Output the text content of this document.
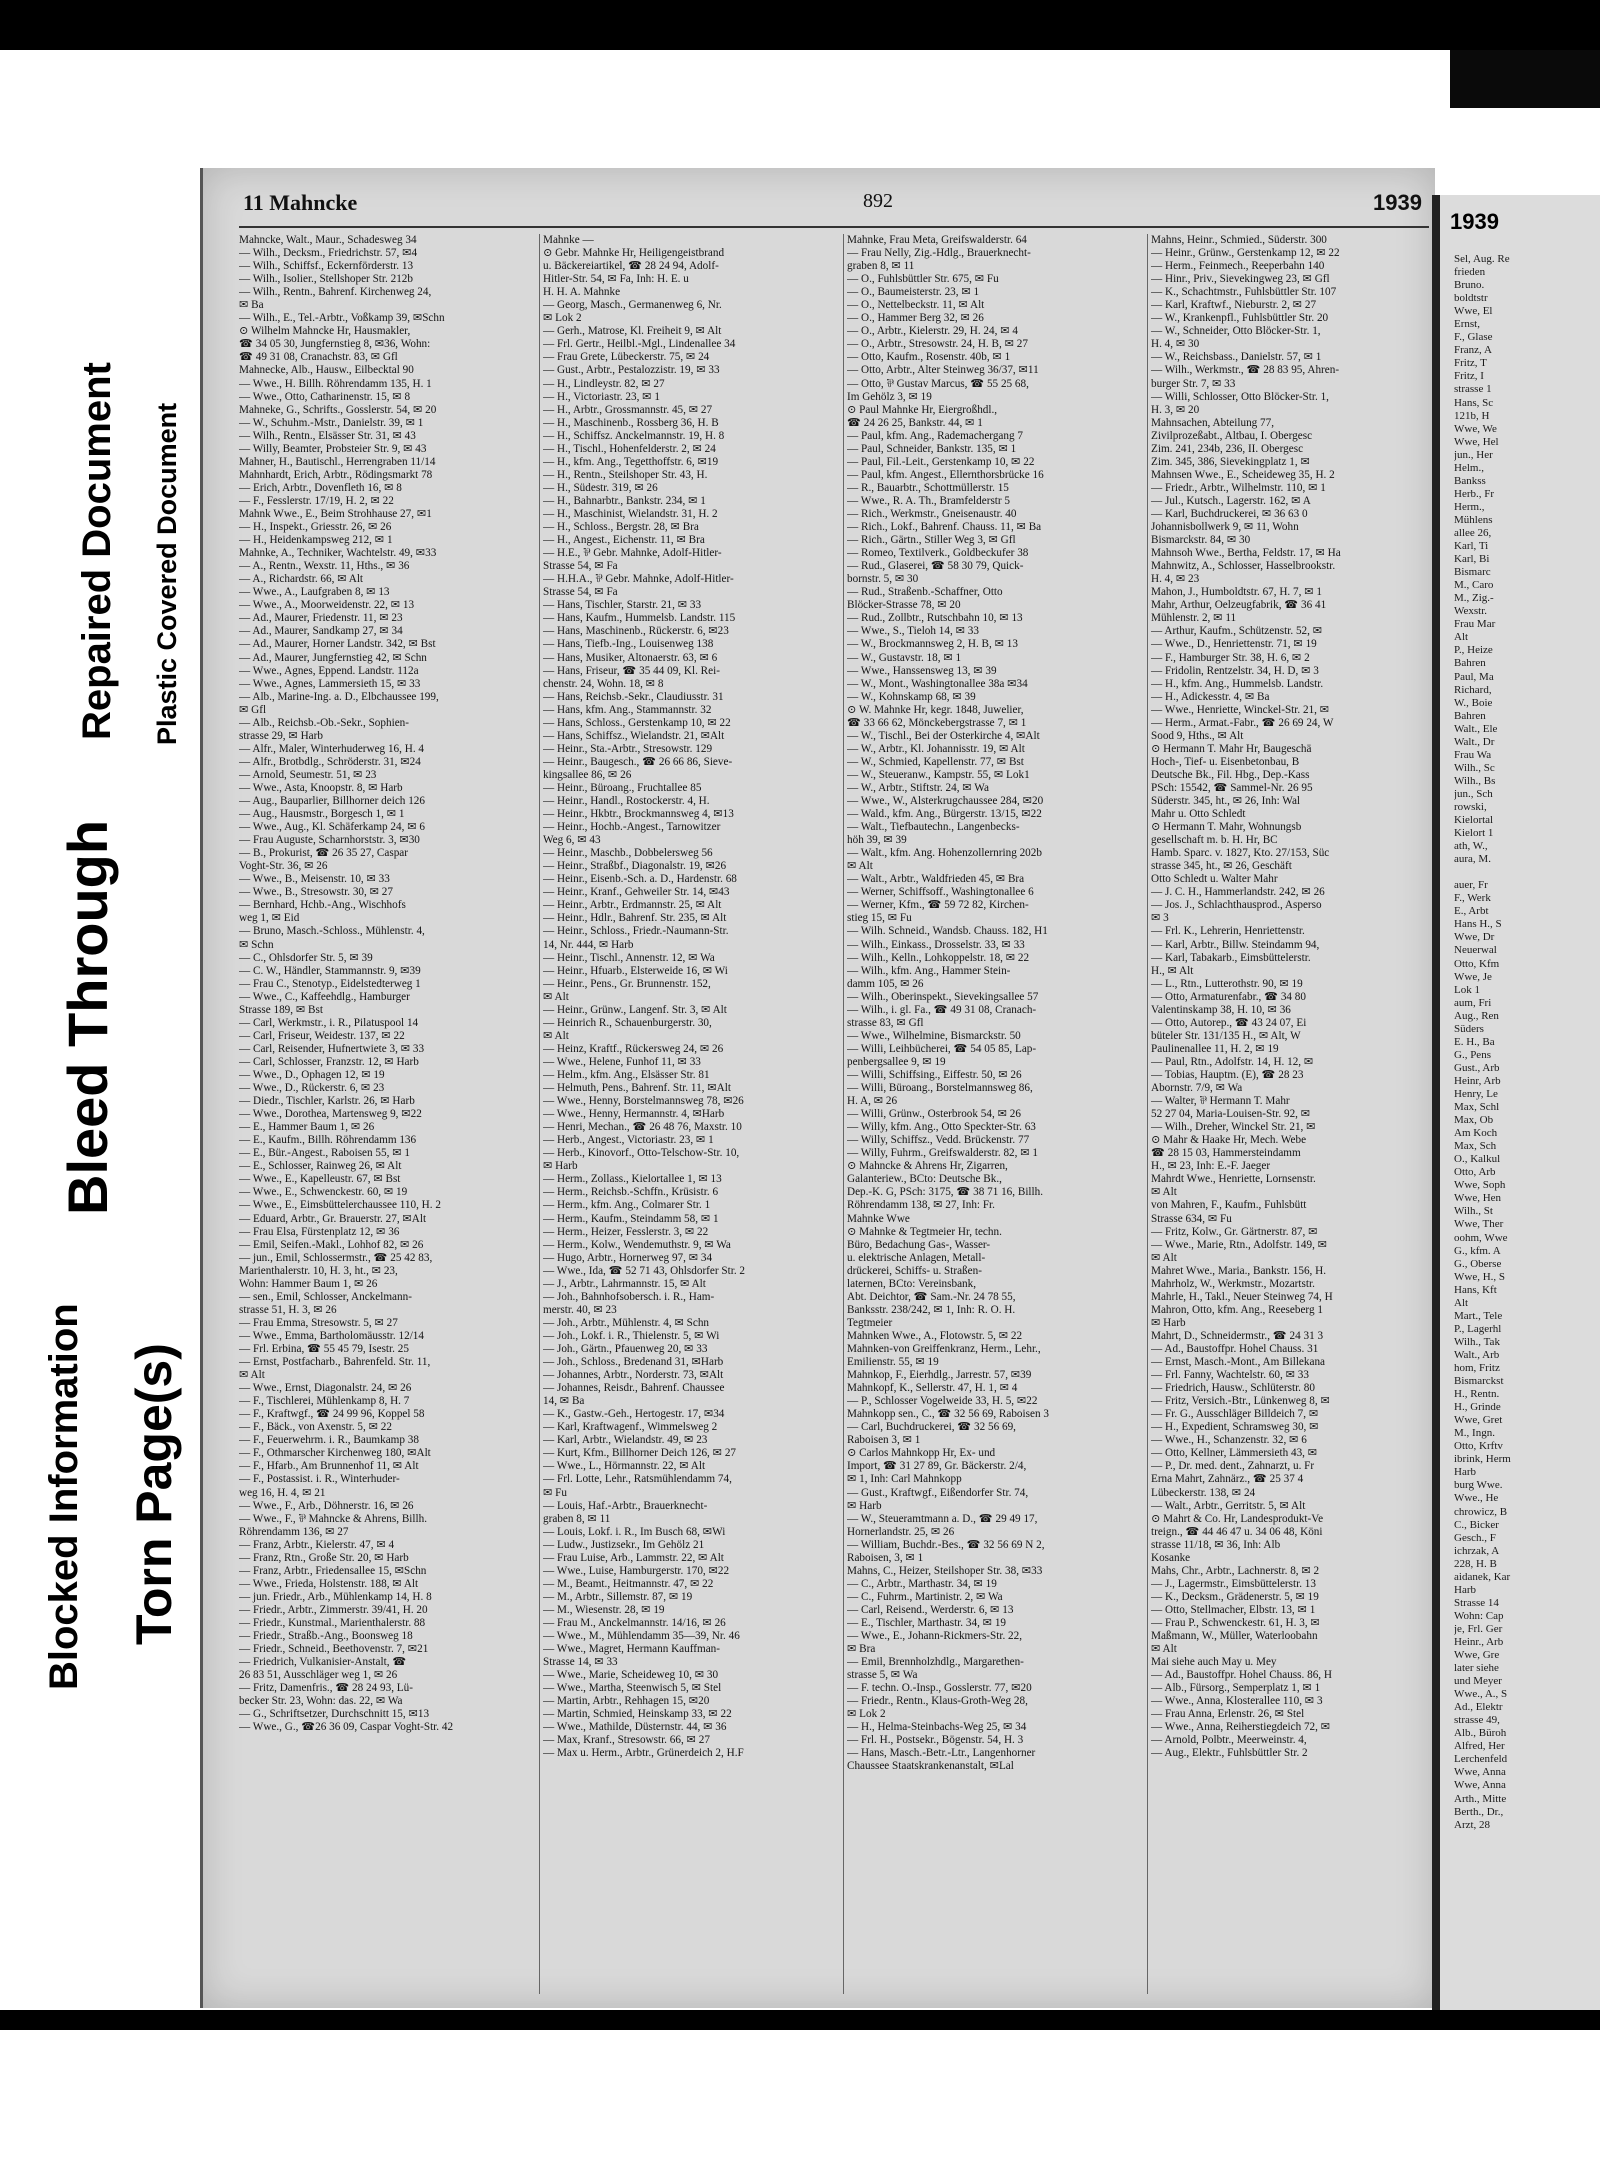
Torn Page(s)
Blocked Information
Bleed Through
Repaired Document Plastic Covered Document
11 Mahncke	892	1939
Mahncke, Walt., Maur., Schadesweg 34
— Wilh., Decksm., Friedrichstr. 57, ✉4
— Wilh., Schiffsf., Eckernförderstr. 13
— Wilh., Isolier., Stellshoper Str. 212b
— Wilh., Rentn., Bahrenf. Kirchenweg 24,
✉ Ba
— Wilh., E., Tel.-Arbtr., Voßkamp 39, ✉Schn
⊙ Wilhelm Mahncke Hr, Hausmakler,
☎ 34 05 30, Jungfernstieg 8, ✉36, Wohn:
☎ 49 31 08, Cranachstr. 83, ✉ Gfl
Mahnecke, Alb., Hausw., Eilbecktal 90
— Wwe., H. Billh. Röhrendamm 135, H. 1
— Wwe., Otto, Catharinenstr. 15, ✉ 8
Mahneke, G., Schrifts., Gosslerstr. 54, ✉ 20
— W., Schuhm.-Mstr., Danielstr. 39, ✉ 1
— Wilh., Rentn., Elsässer Str. 31, ✉ 43
— Willy, Beamter, Probsteier Str. 9, ✉ 43
Mahner, H., Bautischl., Herrengraben 11/14
Mahnhardt, Erich, Arbtr., Rödingsmarkt 78
— Erich, Arbtr., Dovenfleth 16, ✉ 8
— F., Fesslerstr. 17/19, H. 2, ✉ 22
Mahnk Wwe., E., Beim Strohhause 27, ✉1
— H., Inspekt., Griesstr. 26, ✉ 26
— H., Heidenkampsweg 212, ✉ 1
Mahnke, A., Techniker, Wachtelstr. 49, ✉33
— A., Rentn., Wexstr. 11, Hths., ✉ 36
— A., Richardstr. 66, ✉ Alt
— Wwe., A., Laufgraben 8, ✉ 13
— Wwe., A., Moorweidenstr. 22, ✉ 13
— Ad., Maurer, Friedenstr. 11, ✉ 23
— Ad., Maurer, Sandkamp 27, ✉ 34
— Ad., Maurer, Horner Landstr. 342, ✉ Bst
— Ad., Maurer, Jungfernstieg 42, ✉ Schn
— Wwe., Agnes, Eppend. Landstr. 112a
— Wwe., Agnes, Lammersieth 15, ✉ 33
— Alb., Marine-Ing. a. D., Elbchaussee 199,
✉ Gfl
— Alb., Reichsb.-Ob.-Sekr., Sophien-
strasse 29, ✉ Harb
— Alfr., Maler, Winterhuderweg 16, H. 4
— Alfr., Brotbdlg., Schröderstr. 31, ✉24
— Arnold, Seumestr. 51, ✉ 23
— Wwe., Asta, Knoopstr. 8, ✉ Harb
— Aug., Bauparlier, Billhorner deich 126
— Aug., Hausmstr., Borgesch 1, ✉ 1
— Wwe., Aug., Kl. Schäferkamp 24, ✉ 6
— Frau Auguste, Scharnhorststr. 3, ✉30
— B., Prokurist, ☎ 26 35 27, Caspar
Voght-Str. 36, ✉ 26
— Wwe., B., Meisenstr. 10, ✉ 33
— Wwe., B., Stresowstr. 30, ✉ 27
— Bernhard, Hchb.-Ang., Wischhofs
weg 1, ✉ Eid
— Bruno, Masch.-Schloss., Mühlenstr. 4,
✉ Schn
— C., Ohlsdorfer Str. 5, ✉ 39
— C. W., Händler, Stammannstr. 9, ✉39
— Frau C., Stenotyp., Eidelstedterweg 1
— Wwe., C., Kaffeehdlg., Hamburger
Strasse 189, ✉ Bst
— Carl, Werkmstr., i. R., Pilatuspool 14
— Carl, Friseur, Weidestr. 137, ✉ 22
— Carl, Reisender, Hufnertwiete 3, ✉ 33
— Carl, Schlosser, Franzstr. 12, ✉ Harb
— Wwe., D., Ophagen 12, ✉ 19
— Wwe., D., Rückerstr. 6, ✉ 23
— Diedr., Tischler, Karlstr. 26, ✉ Harb
— Wwe., Dorothea, Martensweg 9, ✉22
— E., Hammer Baum 1, ✉ 26
— E., Kaufm., Billh. Röhrendamm 136
— E., Bür.-Angest., Raboisen 55, ✉ 1
— E., Schlosser, Rainweg 26, ✉ Alt
— Wwe., E., Kapelleustr. 67, ✉ Bst
— Wwe., E., Schwenckestr. 60, ✉ 19
— Wwe., E., Eimsbüttelerchaussee 110, H. 2
— Eduard, Arbtr., Gr. Brauerstr. 27, ✉Alt
— Frau Elsa, Fürstenplatz 12, ✉ 36
— Emil, Seifen.-Makl., Lohhof 82, ✉ 26
— jun., Emil, Schlossermstr., ☎ 25 42 83,
Marienthalerstr. 10, H. 3, ht., ✉ 23,
Wohn: Hammer Baum 1, ✉ 26
— sen., Emil, Schlosser, Anckelmann-
strasse 51, H. 3, ✉ 26
— Frau Emma, Stresowstr. 5, ✉ 27
— Wwe., Emma, Bartholomäusstr. 12/14
— Frl. Erbina, ☎ 55 45 79, Isestr. 25
— Ernst, Postfacharb., Bahrenfeld. Str. 11,
✉ Alt
— Wwe., Ernst, Diagonalstr. 24, ✉ 26
— F., Tischlerei, Mühlenkamp 8, H. 7
— F., Kraftwgf., ☎ 24 99 96, Koppel 58
— F., Bäck., von Axenstr. 5, ✉ 22
— F., Feuerwehrm. i. R., Baumkamp 38
— F., Othmarscher Kirchenweg 180, ✉Alt
— F., Hfarb., Am Brunnenhof 11, ✉ Alt
— F., Postassist. i. R., Winterhuder-
weg 16, H. 4, ✉ 21
— Wwe., F., Arb., Döhnerstr. 16, ✉ 26
— Wwe., F., ⅌ Mahncke & Ahrens, Billh.
Röhrendamm 136, ✉ 27
— Franz, Arbtr., Kielerstr. 47, ✉ 4
— Franz, Rtn., Große Str. 20, ✉ Harb
— Franz, Arbtr., Friedensallee 15, ✉Schn
— Wwe., Frieda, Holstenstr. 188, ✉ Alt
— jun. Friedr., Arb., Mühlenkamp 14, H. 8
— Friedr., Arbtr., Zimmerstr. 39/41, H. 20
— Friedr., Kunstmal., Marienthalerstr. 88
— Friedr., Straßb.-Ang., Boonsweg 18
— Friedr., Schneid., Beethovenstr. 7, ✉21
— Friedrich, Vulkanisier-Anstalt, ☎
26 83 51, Ausschläger weg 1, ✉ 26
— Fritz, Damenfris., ☎ 28 24 93, Lü-
becker Str. 23, Wohn: das. 22, ✉ Wa
— G., Schriftsetzer, Durchschnitt 15, ✉13
— Wwe., G., ☎26 36 09, Caspar Voght-Str. 42
Mahnke —
⊙ Gebr. Mahnke Hr, Heiligengeistbrand
u. Bäckereiartikel, ☎ 28 24 94, Adolf-
Hitler-Str. 54, ✉ Fa, Inh: H. E. u
H. H. A. Mahnke
— Georg, Masch., Germanenweg 6, Nr.
✉ Lok 2
— Gerh., Matrose, Kl. Freiheit 9, ✉ Alt
— Frl. Gertr., Heilbl.-Mgl., Lindenallee 34
— Frau Grete, Lübeckerstr. 75, ✉ 24
— Gust., Arbtr., Pestalozzistr. 19, ✉ 33
— H., Lindleystr. 82, ✉ 27
— H., Victoriastr. 23, ✉ 1
— H., Arbtr., Grossmannstr. 45, ✉ 27
— H., Maschinenb., Rossberg 36, H. B
— H., Schiffsz. Anckelmannstr. 19, H. 8
— H., Tischl., Hohenfelderstr. 2, ✉ 24
— H., kfm. Ang., Tegetthoffstr. 6, ✉19
— H., Rentn., Steilshoper Str. 43, H.
— H., Südestr. 319, ✉ 26
— H., Bahnarbtr., Bankstr. 234, ✉ 1
— H., Maschinist, Wielandstr. 31, H. 2
— H., Schloss., Bergstr. 28, ✉ Bra
— H., Angest., Eichenstr. 11, ✉ Bra
— H.E., ⅌ Gebr. Mahnke, Adolf-Hitler-
Strasse 54, ✉ Fa
— H.H.A., ⅌ Gebr. Mahnke, Adolf-Hitler-
Strasse 54, ✉ Fa
— Hans, Tischler, Starstr. 21, ✉ 33
— Hans, Kaufm., Hummelsb. Landstr. 115
— Hans, Maschinenb., Rückerstr. 6, ✉23
— Hans, Tiefb.-Ing., Louisenweg 138
— Hans, Musiker, Altonaerstr. 63, ✉ 6
— Hans, Friseur, ☎ 35 44 09, Kl. Rei-
chenstr. 24, Wohn. 18, ✉ 8
— Hans, Reichsb.-Sekr., Claudiusstr. 31
— Hans, kfm. Ang., Stammannstr. 32
— Hans, Schloss., Gerstenkamp 10, ✉ 22
— Hans, Schiffsz., Wielandstr. 21, ✉Alt
— Heinr., Sta.-Arbtr., Stresowstr. 129
— Heinr., Baugesch., ☎ 26 66 86, Sieve-
kingsallee 86, ✉ 26
— Heinr., Büroang., Fruchtallee 85
— Heinr., Handl., Rostockerstr. 4, H.
— Heinr., Hkbtr., Brockmannsweg 4, ✉13
— Heinr., Hochb.-Angest., Tarnowitzer
Weg 6, ✉ 43
— Heinr., Maschb., Dobbelersweg 56
— Heinr., Straßbf., Diagonalstr. 19, ✉26
— Heinr., Eisenb.-Sch. a. D., Hardenstr. 68
— Heinr., Kranf., Gehweiler Str. 14, ✉43
— Heinr., Arbtr., Erdmannstr. 25, ✉ Alt
— Heinr., Hdlr., Bahrenf. Str. 235, ✉ Alt
— Heinr., Schloss., Friedr.-Naumann-Str.
14, Nr. 444, ✉ Harb
— Heinr., Tischl., Annenstr. 12, ✉ Wa
— Heinr., Hfuarb., Elsterweide 16, ✉ Wi
— Heinr., Pens., Gr. Brunnenstr. 152,
✉ Alt
— Heinr., Grünw., Langenf. Str. 3, ✉ Alt
— Heinrich R., Schauenburgerstr. 30,
✉ Alt
— Heinz, Kraftf., Rückersweg 24, ✉ 26
— Wwe., Helene, Funhof 11, ✉ 33
— Helm., kfm. Ang., Elsässer Str. 81
— Helmuth, Pens., Bahrenf. Str. 11, ✉Alt
— Wwe., Henny, Borstelmannsweg 78, ✉26
— Wwe., Henny, Hermannstr. 4, ✉Harb
— Henri, Mechan., ☎ 26 48 76, Maxstr. 10
— Herb., Angest., Victoriastr. 23, ✉ 1
— Herb., Kinovorf., Otto-Telschow-Str. 10,
✉ Harb
— Herm., Zollass., Kielortallee 1, ✉ 13
— Herm., Reichsb.-Schffn., Krüsistr. 6
— Herm., kfm. Ang., Colmarer Str. 1
— Herm., Kaufm., Steindamm 58, ✉ 1
— Herm., Heizer, Fesslerstr. 3, ✉ 22
— Herm., Kolw., Wendemuthstr. 9, ✉ Wa
— Hugo, Arbtr., Hornerweg 97, ✉ 34
— Wwe., Ida, ☎ 52 71 43, Ohlsdorfer Str. 2
— J., Arbtr., Lahrmannstr. 15, ✉ Alt
— Joh., Bahnhofsobersch. i. R., Ham-
merstr. 40, ✉ 23
— Joh., Arbtr., Mühlenstr. 4, ✉ Schn
— Joh., Lokf. i. R., Thielenstr. 5, ✉ Wi
— Joh., Gärtn., Pfauenweg 20, ✉ 33
— Joh., Schloss., Bredenand 31, ✉Harb
— Johannes, Arbtr., Norderstr. 73, ✉Alt
— Johannes, Reisdr., Bahrenf. Chaussee
14, ✉ Ba
— K., Gastw.-Geh., Hertogestr. 17, ✉34
— Karl, Kraftwagenf., Wimmelsweg 2
— Karl, Arbtr., Wielandstr. 49, ✉ 23
— Kurt, Kfm., Billhorner Deich 126, ✉ 27
— Wwe., L., Hörmannstr. 22, ✉ Alt
— Frl. Lotte, Lehr., Ratsmühlendamm 74,
✉ Fu
— Louis, Haf.-Arbtr., Brauerknecht-
graben 8, ✉ 11
— Louis, Lokf. i. R., Im Busch 68, ✉Wi
— Ludw., Justizsekr., Im Gehölz 21
— Frau Luise, Arb., Lammstr. 22, ✉ Alt
— Wwe., Luise, Hamburgerstr. 170, ✉22
— M., Beamt., Heitmannstr. 47, ✉ 22
— M., Arbtr., Sillemstr. 87, ✉ 19
— M., Wiesenstr. 28, ✉ 19
— Frau M., Anckelmannstr. 14/16, ✉ 26
— Wwe., M., Mühlendamm 35—39, Nr. 46
— Wwe., Magret, Hermann Kauffman-
Strasse 14, ✉ 33
— Wwe., Marie, Scheideweg 10, ✉ 30
— Wwe., Martha, Steenwisch 5, ✉ Stel
— Martin, Arbtr., Rehhagen 15, ✉20
— Martin, Schmied, Heinskamp 33, ✉ 22
— Wwe., Mathilde, Düsternstr. 44, ✉ 36
— Max, Kranf., Stresowstr. 66, ✉ 27
— Max u. Herm., Arbtr., Grünerdeich 2, H.F
Mahnke, Frau Meta, Greifswalderstr. 64
— Frau Nelly, Zig.-Hdlg., Brauerknecht-
graben 8, ✉ 11
— O., Fuhlsbüttler Str. 675, ✉ Fu
— O., Baumeisterstr. 23, ✉ 1
— O., Nettelbeckstr. 11, ✉ Alt
— O., Hammer Berg 32, ✉ 26
— O., Arbtr., Kielerstr. 29, H. 24, ✉ 4
— O., Arbtr., Stresowstr. 24, H. B, ✉ 27
— Otto, Kaufm., Rosenstr. 40b, ✉ 1
— Otto, Arbtr., Alter Steinweg 36/37, ✉11
— Otto, ⅌ Gustav Marcus, ☎ 55 25 68,
Im Gehölz 3, ✉ 19
⊙ Paul Mahnke Hr, Eiergroßhdl.,
☎ 24 26 25, Bankstr. 44, ✉ 1
— Paul, kfm. Ang., Rademachergang 7
— Paul, Schneider, Bankstr. 135, ✉ 1
— Paul, Fil.-Leit., Gerstenkamp 10, ✉ 22
— Paul, kfm. Angest., Ellernthorsbrücke 16
— R., Bauarbtr., Schottmüllerstr. 15
— Wwe., R. A. Th., Bramfelderstr 5
— Rich., Werkmstr., Gneisenaustr. 40
— Rich., Lokf., Bahrenf. Chauss. 11, ✉ Ba
— Rich., Gärtn., Stiller Weg 3, ✉ Gfl
— Romeo, Textilverk., Goldbeckufer 38
— Rud., Glaserei, ☎ 58 30 79, Quick-
bornstr. 5, ✉ 30
— Rud., Straßenb.-Schaffner, Otto
Blöcker-Strasse 78, ✉ 20
— Rud., Zollbtr., Rutschbahn 10, ✉ 13
— Wwe., S., Tieloh 14, ✉ 33
— W., Brockmannsweg 2, H. B, ✉ 13
— W., Gustavstr. 18, ✉ 1
— Wwe., Hanssensweg 13, ✉ 39
— W., Mont., Washingtonallee 38a ✉34
— W., Kohnskamp 68, ✉ 39
⊙ W. Mahnke Hr, kegr. 1848, Juwelier,
☎ 33 66 62, Mönckebergstrasse 7, ✉ 1
— W., Tischl., Bei der Osterkirche 4, ✉Alt
— W., Arbtr., Kl. Johannisstr. 19, ✉ Alt
— W., Schmied, Kapellenstr. 77, ✉ Bst
— W., Steueranw., Kampstr. 55, ✉ Lok1
— W., Arbtr., Stiftstr. 24, ✉ Wa
— Wwe., W., Alsterkrugchaussee 284, ✉20
— Wald., kfm. Ang., Bürgerstr. 13/15, ✉22
— Walt., Tiefbautechn., Langenbecks-
höh 39, ✉ 39
— Walt., kfm. Ang. Hohenzollernring 202b
✉ Alt
— Walt., Arbtr., Waldfrieden 45, ✉ Bra
— Werner, Schiffsoff., Washingtonallee 6
— Werner, Kfm., ☎ 59 72 82, Kirchen-
stieg 15, ✉ Fu
— Wilh. Schneid., Wandsb. Chauss. 182, H1
— Wilh., Einkass., Drosselstr. 33, ✉ 33
— Wilh., Kelln., Lohkoppelstr. 18, ✉ 22
— Wilh., kfm. Ang., Hammer Stein-
damm 105, ✉ 26
— Wilh., Oberinspekt., Sievekingsallee 57
— Wilh., i. gl. Fa., ☎ 49 31 08, Cranach-
strasse 83, ✉ Gfl
— Wwe., Wilhelmine, Bismarckstr. 50
— Willi, Leihbücherei, ☎ 54 05 85, Lap-
penbergsallee 9, ✉ 19
— Willi, Schiffsing., Eiffestr. 50, ✉ 26
— Willi, Büroang., Borstelmannsweg 86,
H. A, ✉ 26
— Willi, Grünw., Osterbrook 54, ✉ 26
— Willy, kfm. Ang., Otto Speckter-Str. 63
— Willy, Schiffsz., Vedd. Brückenstr. 77
— Willy, Fuhrm., Greifswalderstr. 82, ✉ 1
⊙ Mahncke & Ahrens Hr, Zigarren,
Galanteriew., BCto: Deutsche Bk.,
Dep.-K. G, PSch: 3175, ☎ 38 71 16, Billh.
Röhrendamm 138, ✉ 27, Inh: Fr.
Mahnke Wwe
⊙ Mahnke & Tegtmeier Hr, techn.
Büro, Bedachung Gas-, Wasser-
u. elektrische Anlagen, Metall-
drückerei, Schiffs- u. Straßen-
laternen, BCto: Vereinsbank,
Abt. Deichtor, ☎ Sam.-Nr. 24 78 55,
Banksstr. 238/242, ✉ 1, Inh: R. O. H.
Tegtmeier
Mahnken Wwe., A., Flotowstr. 5, ✉ 22
Mahnken-von Greiffenkranz, Herm., Lehr.,
Emilienstr. 55, ✉ 19
Mahnkop, F., Eierhdlg., Jarrestr. 57, ✉39
Mahnkopf, K., Sellerstr. 47, H. 1, ✉ 4
— P., Schlosser Vogelweide 33, H. 5, ✉22
Mahnkopp sen., C., ☎ 32 56 69, Raboisen 3
— Carl, Buchdruckerei, ☎ 32 56 69,
Raboisen 3, ✉ 1
⊙ Carlos Mahnkopp Hr, Ex- und
Import, ☎ 31 27 89, Gr. Bäckerstr. 2/4,
✉ 1, Inh: Carl Mahnkopp
— Gust., Kraftwgf., Eißendorfer Str. 74,
✉ Harb
— W., Steueramtmann a. D., ☎ 29 49 17,
Hornerlandstr. 25, ✉ 26
— William, Buchdr.-Bes., ☎ 32 56 69 N 2,
Raboisen, 3, ✉ 1
Mahns, C., Heizer, Steilshoper Str. 38, ✉33
— C., Arbtr., Marthastr. 34, ✉ 19
— C., Fuhrm., Martinistr. 2, ✉ Wa
— Carl, Reisend., Werderstr. 6, ✉ 13
— E., Tischler, Marthastr. 34, ✉ 19
— Wwe., E., Johann-Rickmers-Str. 22,
✉ Bra
— Emil, Brennholzhdlg., Margarethen-
strasse 5, ✉ Wa
— F. techn. O.-Insp., Gosslerstr. 77, ✉20
— Friedr., Rentn., Klaus-Groth-Weg 28,
✉ Lok 2
— H., Helma-Steinbachs-Weg 25, ✉ 34
— Frl. H., Postsekr., Bögenstr. 54, H. 3
— Hans, Masch.-Betr.-Ltr., Langenhorner
Chaussee Staatskrankenanstalt, ✉Lal
Mahns, Heinr., Schmied., Süderstr. 300
— Heinr., Grünw., Gerstenkamp 12, ✉ 22
— Herm., Feinmech., Reeperbahn 140
— Hinr., Priv., Sievekingweg 23, ✉ Gfl
— K., Schachtmstr., Fuhlsbüttler Str. 107
— Karl, Kraftwf., Nieburstr. 2, ✉ 27
— W., Krankenpfl., Fuhlsbüttler Str. 20
— W., Schneider, Otto Blöcker-Str. 1,
H. 4, ✉ 30
— W., Reichsbass., Danielstr. 57, ✉ 1
— Wilh., Werkmstr., ☎ 28 83 95, Ahren-
burger Str. 7, ✉ 33
— Willi, Schlosser, Otto Blöcker-Str. 1,
H. 3, ✉ 20
Mahnsachen, Abteilung 77,
Zivilprozeßabt., Altbau, I. Obergesc
Zim. 241, 234b, 236, II. Obergesc
Zim. 345, 386, Sievekingplatz 1, ✉
Mahnsen Wwe., E., Scheideweg 35, H. 2
— Friedr., Arbtr., Wilhelmstr. 110, ✉ 1
— Jul., Kutsch., Lagerstr. 162, ✉ A
— Karl, Buchdruckerei, ✉ 36 63 0
Johannisbollwerk 9, ✉ 11, Wohn
Bismarckstr. 84, ✉ 30
Mahnsoh Wwe., Bertha, Feldstr. 17, ✉ Ha
Mahnwitz, A., Schlosser, Hasselbrookstr.
H. 4, ✉ 23
Mahon, J., Humboldtstr. 67, H. 7, ✉ 1
Mahr, Arthur, Oelzeugfabrik, ☎ 36 41
Mühlenstr. 2, ✉ 11
— Arthur, Kaufm., Schützenstr. 52, ✉
— Wwe., D., Henriettenstr. 71, ✉ 19
— F., Hamburger Str. 38, H. 6, ✉ 2
— Fridolin, Rentzelstr. 34, H. D, ✉ 3
— H., kfm. Ang., Hummelsb. Landstr.
— H., Adickesstr. 4, ✉ Ba
— Wwe., Henriette, Winckel-Str. 21, ✉
— Herm., Armat.-Fabr., ☎ 26 69 24, W
Sood 9, Hths., ✉ Alt
⊙ Hermann T. Mahr Hr, Baugeschä
Hoch-, Tief- u. Eisenbetonbau, B
Deutsche Bk., Fil. Hbg., Dep.-Kass
PSch: 15542, ☎ Sammel-Nr. 26 95
Süderstr. 345, ht., ✉ 26, Inh: Wal
Mahr u. Otto Schledt
⊙ Hermann T. Mahr, Wohnungsb
gesellschaft m. b. H. Hr, BC
Hamb. Sparc. v. 1827, Kto. 27/153, Süc
strasse 345, ht., ✉ 26, Geschäft
Otto Schledt u. Walter Mahr
— J. C. H., Hammerlandstr. 242, ✉ 26
— Jos. J., Schlachthausprod., Asperso
✉ 3
— Frl. K., Lehrerin, Henriettenstr.
— Karl, Arbtr., Billw. Steindamm 94,
— Karl, Tabakarb., Eimsbüttelerstr.
H., ✉ Alt
— L., Rtn., Lutterothstr. 90, ✉ 19
— Otto, Armaturenfabr., ☎ 34 80
Valentinskamp 38, H. 10, ✉ 36
— Otto, Autorep., ☎ 43 24 07, Ei
büteler Str. 131/135 H., ✉ Alt, W
Paulinenallee 11, H. 2, ✉ 19
— Paul, Rtn., Adolfstr. 14, H. 12, ✉
— Tobias, Hauptm. (E), ☎ 28 23
Abornstr. 7/9, ✉ Wa
— Walter, ⅌ Hermann T. Mahr
52 27 04, Maria-Louisen-Str. 92, ✉
— Wilh., Dreher, Winckel Str. 21, ✉
⊙ Mahr & Haake Hr, Mech. Webe
☎ 28 15 03, Hammersteindamm
H., ✉ 23, Inh: E.-F. Jaeger
Mahrdt Wwe., Henriette, Lornsenstr.
✉ Alt
von Mahren, F., Kaufm., Fuhlsbütt
Strasse 634, ✉ Fu
— Fritz, Kolw., Gr. Gärtnerstr. 87, ✉
— Wwe., Marie, Rtn., Adolfstr. 149, ✉
✉ Alt
Mahret Wwe., Maria., Bankstr. 156, H.
Mahrholz, W., Werkmstr., Mozartstr.
Mahrle, H., Takl., Neuer Steinweg 74, H
Mahron, Otto, kfm. Ang., Reeseberg 1
✉ Harb
Mahrt, D., Schneidermstr., ☎ 24 31 3
— Ad., Baustoffpr. Hohel Chauss. 31
— Ernst, Masch.-Mont., Am Billekana
— Frl. Fanny, Wachtelstr. 60, ✉ 33
— Friedrich, Hausw., Schlüterstr. 80
— Fritz, Versich.-Btr., Lünkenweg 8, ✉
— Fr. G., Ausschläger Billdeich 7, ✉
— H., Expedient, Schramsweg 30, ✉
— Wwe., H., Schanzenstr. 32, ✉ 6
— Otto, Kellner, Lämmersieth 43, ✉
— P., Dr. med. dent., Zahnarzt, u. Fr
Erna Mahrt, Zahnärz., ☎ 25 37 4
Lübeckerstr. 138, ✉ 24
— Walt., Arbtr., Gerritstr. 5, ✉ Alt
⊙ Mahrt & Co. Hr, Landesprodukt-Ve
treign., ☎ 44 46 47 u. 34 06 48, Köni
strasse 11/18, ✉ 36, Inh: Alb
Kosanke
Mahs, Chr., Arbtr., Lachnerstr. 8, ✉ 2
— J., Lagermstr., Eimsbüttelerstr. 13
— K., Decksm., Grädenerstr. 5, ✉ 19
— Otto, Stellmacher, Elbstr. 13, ✉ 1
— Frau P., Schwenckestr. 61, H. 3, ✉
Maßmann, W., Müller, Waterloobahn
✉ Alt
Mai siehe auch May u. Mey
— Ad., Baustoffpr. Hohel Chauss. 86, H
— Alb., Fürsorg., Semperplatz 1, ✉ 1
— Wwe., Anna, Klosterallee 110, ✉ 3
— Frau Anna, Erlenstr. 26, ✉ Stel
— Wwe., Anna, Reiherstiegdeich 72, ✉
— Arnold, Polbtr., Meerweinstr. 4,
— Aug., Elektr., Fuhlsbüttler Str. 2
1939
Sel, Aug. Re
frieden
Bruno.
boldtstr
Wwe, El
Ernst,
F., Glase
Franz, A
Fritz, T
Fritz, I
strasse 1
Hans, Sc
121b, H
Wwe, We
Wwe, Hel
jun., Her
Helm.,
Bankss
Herb., Fr
Herm.,
Mühlens
allee 26,
Karl, Ti
Karl, Bi
Bismarc
M., Caro
M., Zig.-
Wexstr.
Frau Mar
Alt
P., Heize
Bahren
Paul, Ma
Richard,
W., Boie
Bahren
Walt., Ele
Walt., Dr
Frau Wa
Wilh., Sc
Wilh., Bs
jun., Sch
rowski,
Kielortal
Kielort 1
ath, W.,
aura, M.

auer, Fr
F., Werk
E., Arbt
Hans H., S
Wwe, Dr
Neuerwal
Otto, Kfm
Wwe, Je
Lok 1
aum, Fri
Aug., Ren
Süders
E. H., Ba
G., Pens
Gust., Arb
Heinr, Arb
Henry, Le
Max, Schl
Max, Ob
Am Koch
Max, Sch
O., Kalkul
Otto, Arb
Wwe, Soph
Wwe, Hen
Wilh., St
Wwe, Ther
oohm, Wwe
G., kfm. A
G., Oberse
Wwe, H., S
Hans, Kft
Alt
Mart., Tele
P., Lagerhl
Wilh., Tak
Walt., Arb
hom, Fritz
Bismarckst
H., Rentn.
H., Grinde
Wwe, Gret
M., Ingn.
Otto, Krftv
ibrink, Herm
Harb
burg Wwe.
Wwe., He
chrowicz, B
C., Bicker
Gesch., F
ichrzak, A
228, H. B
aidanek, Kar
Harb
Strasse 14
Wohn: Cap
je, Frl. Ger
Heinr., Arb
Wwe, Gre
later siehe
und Meyer
Wwe., A., S
Ad., Elektr
strasse 49,
Alb., Büroh
Alfred, Her
Lerchenfeld
Wwe, Anna
Wwe, Anna
Arth., Mitte
Berth., Dr.,
Arzt, 28
